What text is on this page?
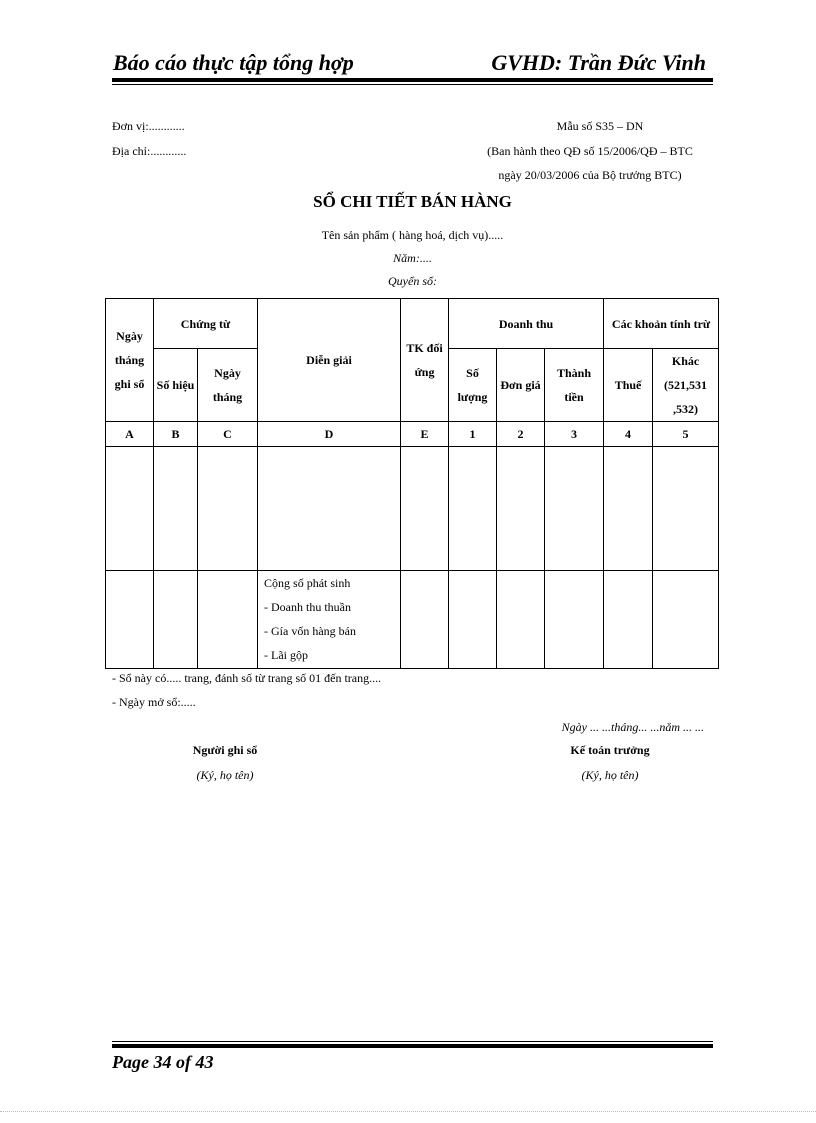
Báo cáo thực tập tổng hợp	GVHD: Trần Đức Vinh
Đơn vị:............
Địa chỉ:............
Mẫu số S35 – DN
(Ban hành theo QĐ số 15/2006/QĐ – BTC
ngày 20/03/2006 của Bộ trưởng BTC)
SỔ CHI TIẾT BÁN HÀNG
Tên sản phẩm ( hàng hoá, dịch vụ).....
Năm:....
Quyển số:
Ngày tháng ghi sổ	Chứng từ		Diễn giải	TK đối ứng	Doanh thu			Các khoản tính trừ	
	Số hiệu	Ngày tháng			Số lượng	Đơn giá	Thành tiền	Thuế	Khác (521,531 ,532)
A	B	C	D	E	1	2	3	4	5

			Cộng số phát sinh
- Doanh thu thuần
- Gía vốn hàng bán
- Lãi gộp						

- Sổ này có..... trang, đánh số từ trang số 01 đến trang....
- Ngày mở sổ:.....
Ngày ... ...tháng... ...năm ... ...
Người ghi sổ
(Ký, họ tên)
Kế toán trưởng
(Ký, họ tên)
Page 34 of 43
